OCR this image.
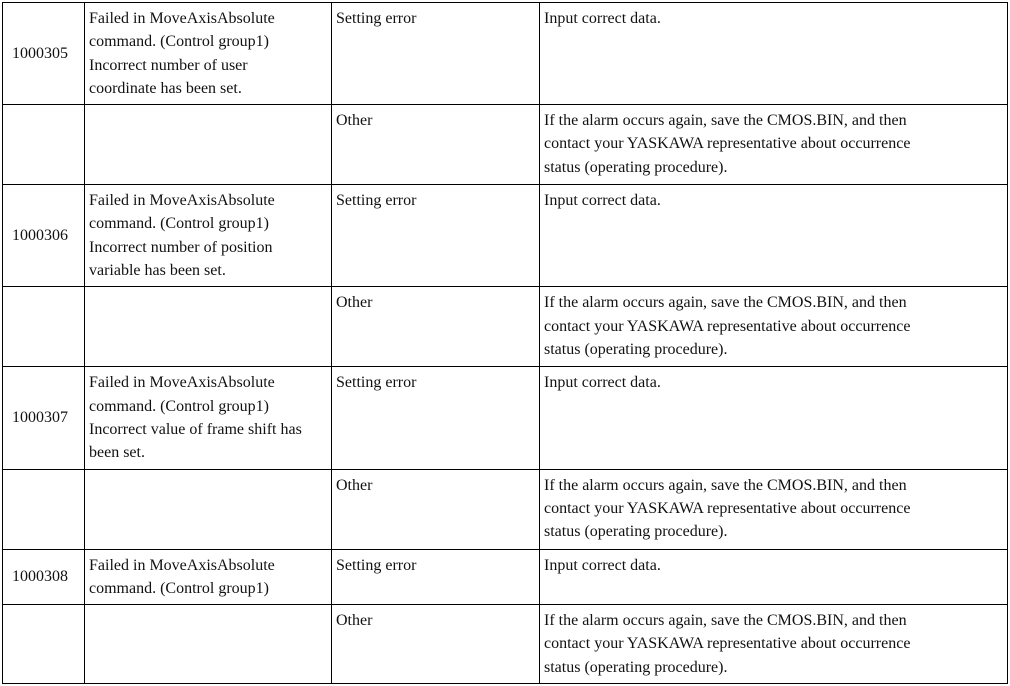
1000305	Failed in MoveAxisAbsolute
command. (Control group1)
Incorrect number of user
coordinate has been set.	Setting error	Input correct data.

		Other	If the alarm occurs again, save the CMOS.BIN, and then
contact your YASKAWA representative about occurrence
status (operating procedure).

1000306	Failed in MoveAxisAbsolute
command. (Control group1)
Incorrect number of position
variable has been set.	Setting error	Input correct data.

		Other	If the alarm occurs again, save the CMOS.BIN, and then
contact your YASKAWA representative about occurrence
status (operating procedure).

1000307	Failed in MoveAxisAbsolute
command. (Control group1)
Incorrect value of frame shift has
been set.	Setting error	Input correct data.

		Other	If the alarm occurs again, save the CMOS.BIN, and then
contact your YASKAWA representative about occurrence
status (operating procedure).

1000308	Failed in MoveAxisAbsolute
command. (Control group1)	Setting error	Input correct data.

		Other	If the alarm occurs again, save the CMOS.BIN, and then
contact your YASKAWA representative about occurrence
status (operating procedure).
